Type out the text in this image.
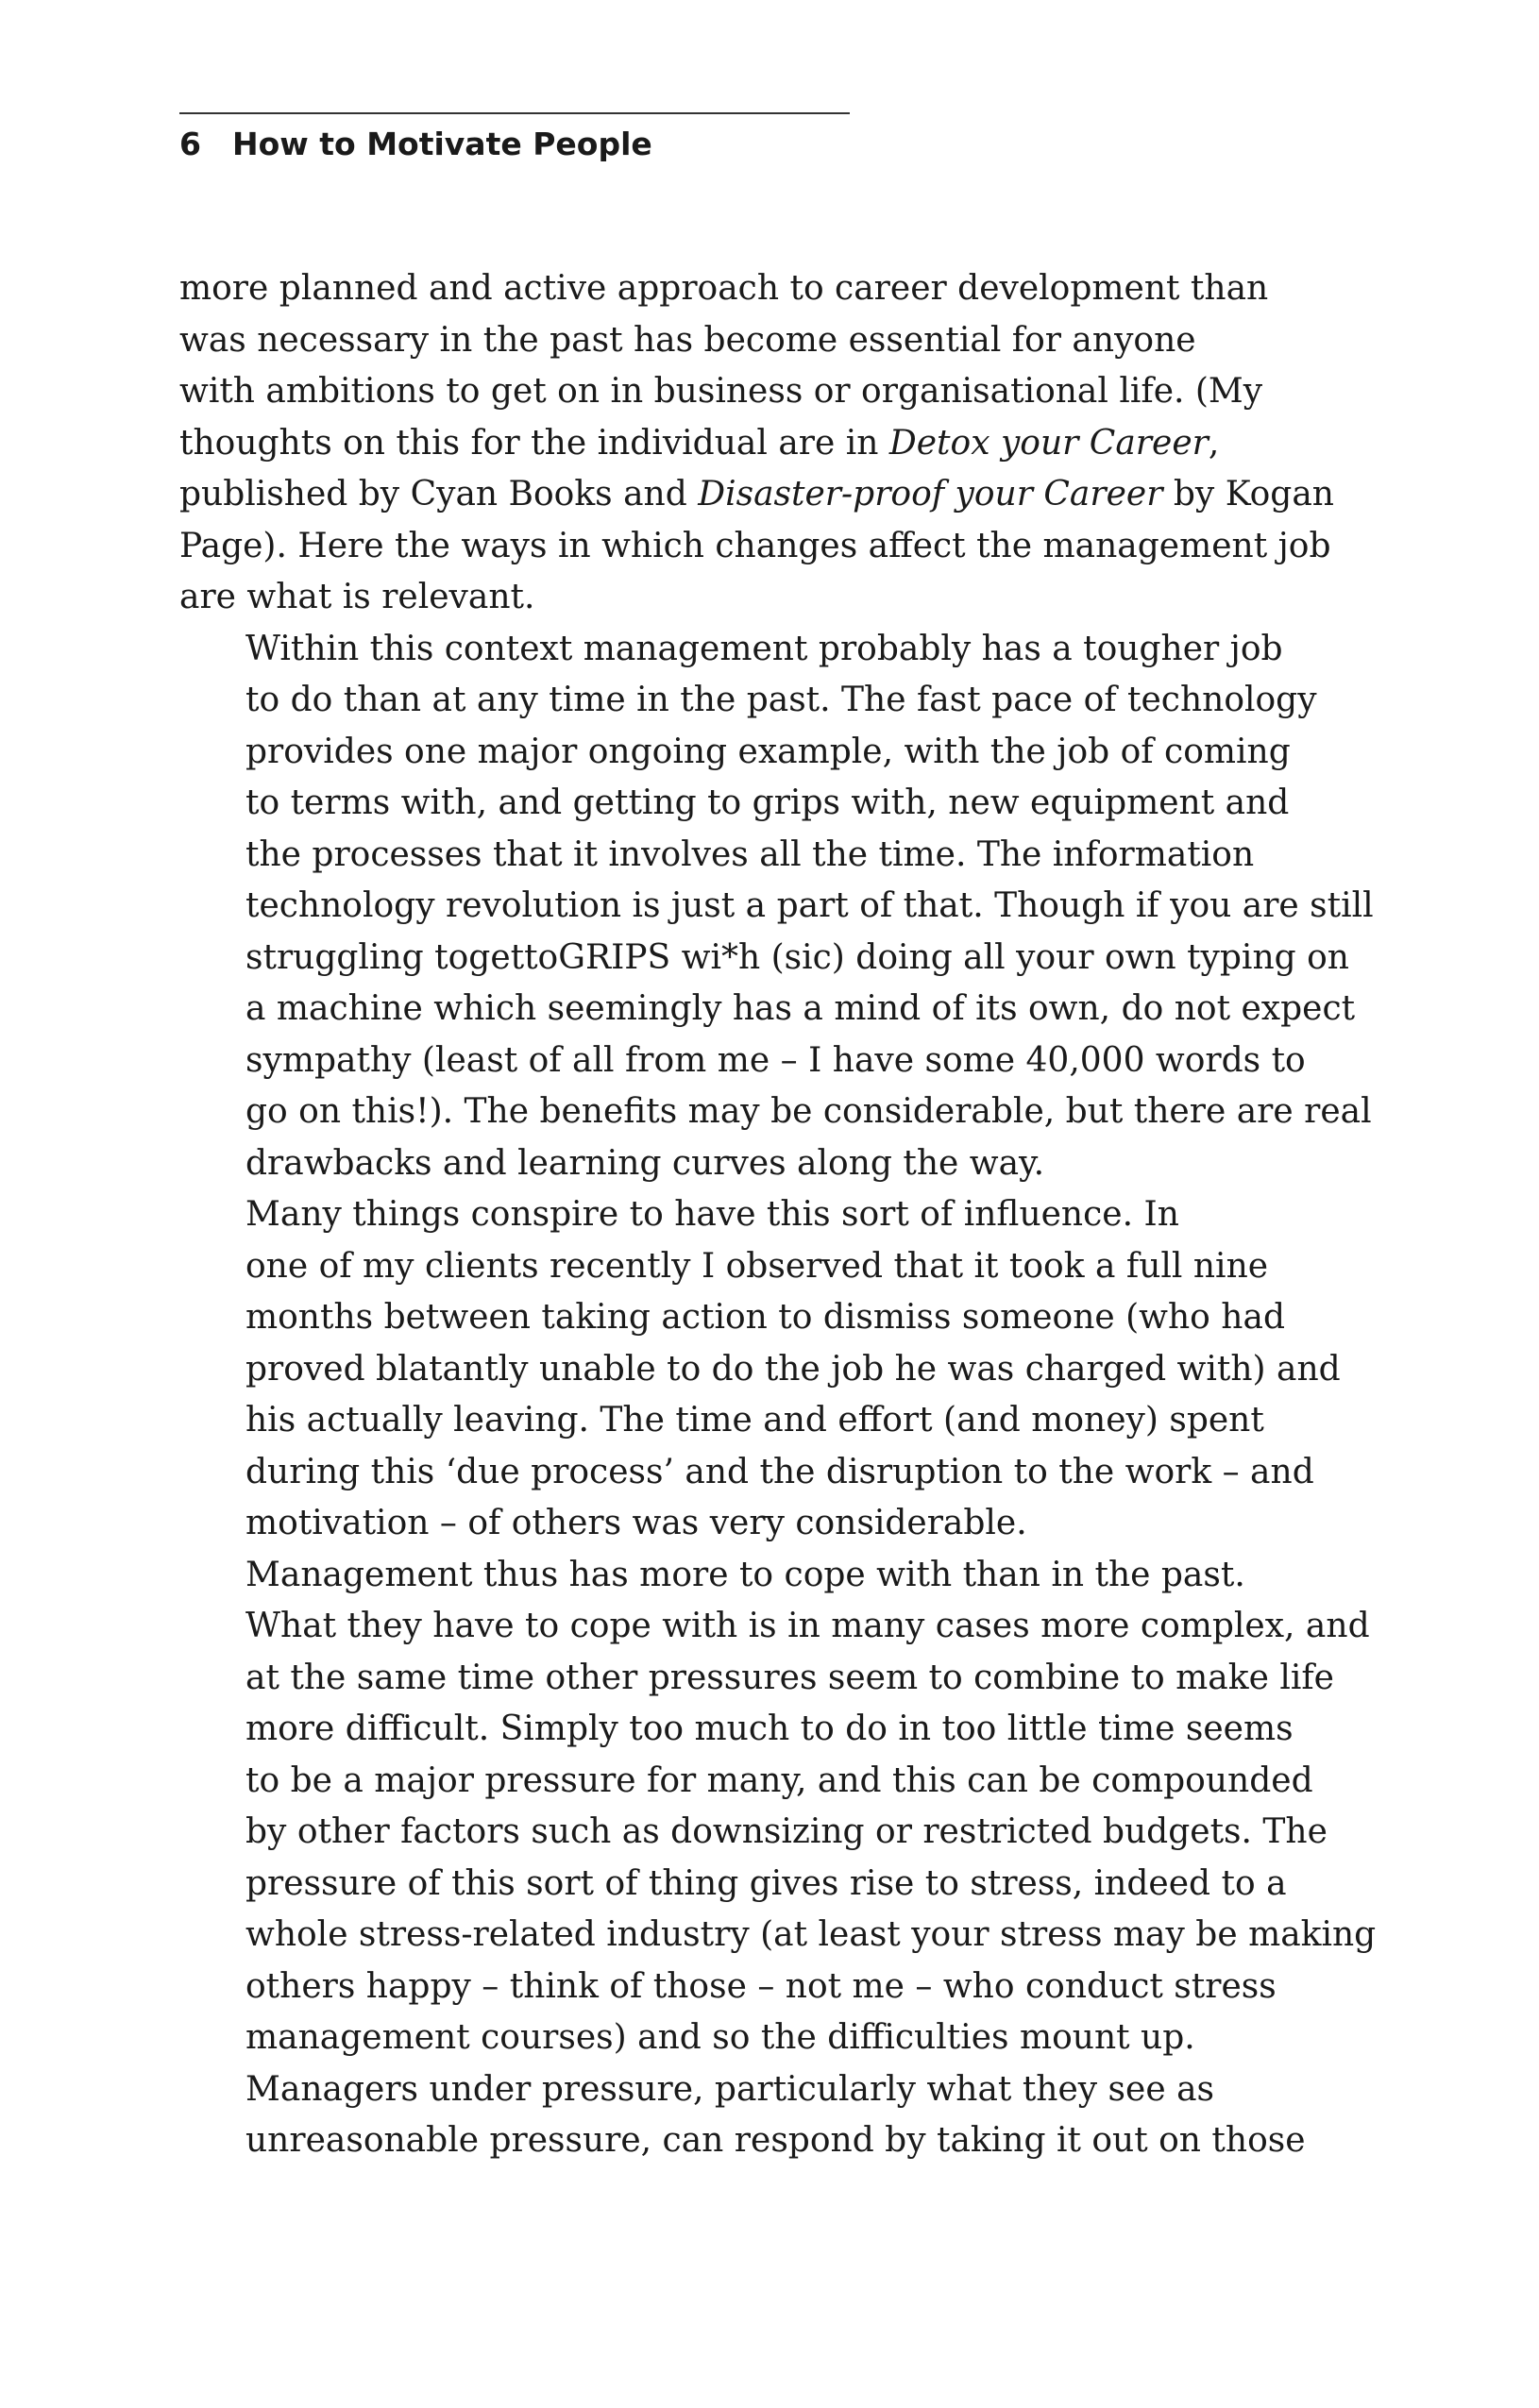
6 How to Motivate People

more planned and active approach to career development than
was necessary in the past has become essential for anyone
with ambitions to get on in business or organisational life. (My
thoughts on this for the individual are in Detox your Career,
published by Cyan Books and Disaster-proof your Career by Kogan
Page). Here the ways in which changes affect the management job
are what is relevant.

Within this context management probably has a tougher job
to do than at any time in the past. The fast pace of technology
provides one major ongoing example, with the job of coming
to terms with, and getting to grips with, new equipment and
the processes that it involves all the time. The information
technology revolution is just a part of that. Though if you are still
struggling togettoGRIPS wi*h (sic) doing all your own typing on
a machine which seemingly has a mind of its own, do not expect
sympathy (least of all from me – I have some 40,000 words to
go on this!). The benefits may be considerable, but there are real
drawbacks and learning curves along the way.

Many things conspire to have this sort of influence. In
one of my clients recently I observed that it took a full nine
months between taking action to dismiss someone (who had
proved blatantly unable to do the job he was charged with) and
his actually leaving. The time and effort (and money) spent
during this ‘due process’ and the disruption to the work – and
motivation – of others was very considerable.

Management thus has more to cope with than in the past.
What they have to cope with is in many cases more complex, and
at the same time other pressures seem to combine to make life
more difficult. Simply too much to do in too little time seems
to be a major pressure for many, and this can be compounded
by other factors such as downsizing or restricted budgets. The
pressure of this sort of thing gives rise to stress, indeed to a
whole stress-related industry (at least your stress may be making
others happy – think of those – not me – who conduct stress
management courses) and so the difficulties mount up.

Managers under pressure, particularly what they see as
unreasonable pressure, can respond by taking it out on those
